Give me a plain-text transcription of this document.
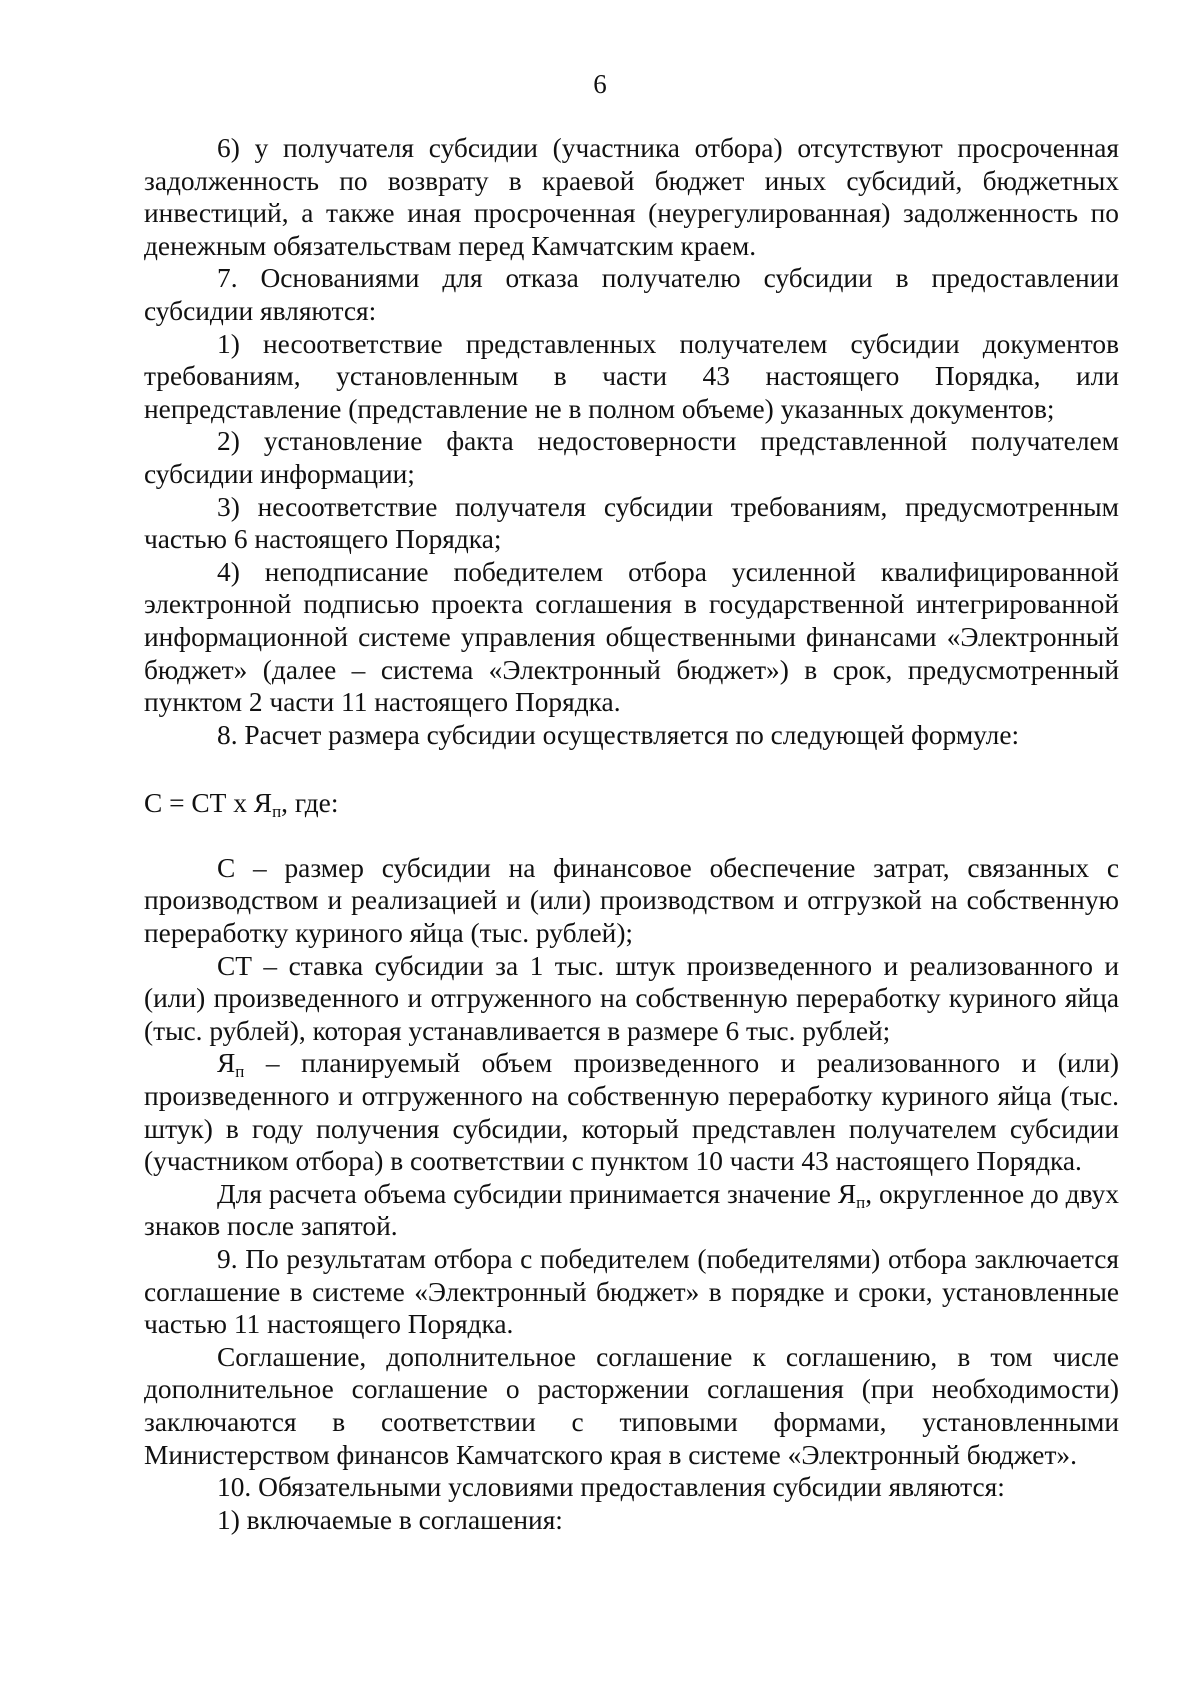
6

6) у получателя субсидии (участника отбора) отсутствуют просроченная задолженность по возврату в краевой бюджет иных субсидий, бюджетных инвестиций, а также иная просроченная (неурегулированная) задолженность по денежным обязательствам перед Камчатским краем.

7. Основаниями для отказа получателю субсидии в предоставлении субсидии являются:

1) несоответствие представленных получателем субсидии документов требованиям, установленным в части 43 настоящего Порядка, или непредставление (представление не в полном объеме) указанных документов;

2) установление факта недостоверности представленной получателем субсидии информации;

3) несоответствие получателя субсидии требованиям, предусмотренным частью 6 настоящего Порядка;

4) неподписание победителем отбора усиленной квалифицированной электронной подписью проекта соглашения в государственной интегрированной информационной системе управления общественными финансами «Электронный бюджет» (далее – система «Электронный бюджет») в срок, предусмотренный пунктом 2 части 11 настоящего Порядка.

8. Расчет размера субсидии осуществляется по следующей формуле:

С = СТ х $Я_п$, где:

С – размер субсидии на финансовое обеспечение затрат, связанных с производством и реализацией и (или) производством и отгрузкой на собственную переработку куриного яйца (тыс. рублей);

СТ – ставка субсидии за 1 тыс. штук произведенного и реализованного и (или) произведенного и отгруженного на собственную переработку куриного яйца (тыс. рублей), которая устанавливается в размере 6 тыс. рублей;

$Я_п$ – планируемый объем произведенного и реализованного и (или) произведенного и отгруженного на собственную переработку куриного яйца (тыс. штук) в году получения субсидии, который представлен получателем субсидии (участником отбора) в соответствии с пунктом 10 части 43 настоящего Порядка.

Для расчета объема субсидии принимается значение $Я_п$, округленное до двух знаков после запятой.

9. По результатам отбора с победителем (победителями) отбора заключается соглашение в системе «Электронный бюджет» в порядке и сроки, установленные частью 11 настоящего Порядка.

Соглашение, дополнительное соглашение к соглашению, в том числе дополнительное соглашение о расторжении соглашения (при необходимости) заключаются в соответствии с типовыми формами, установленными Министерством финансов Камчатского края в системе «Электронный бюджет».

10. Обязательными условиями предоставления субсидии являются:

1) включаемые в соглашения:
